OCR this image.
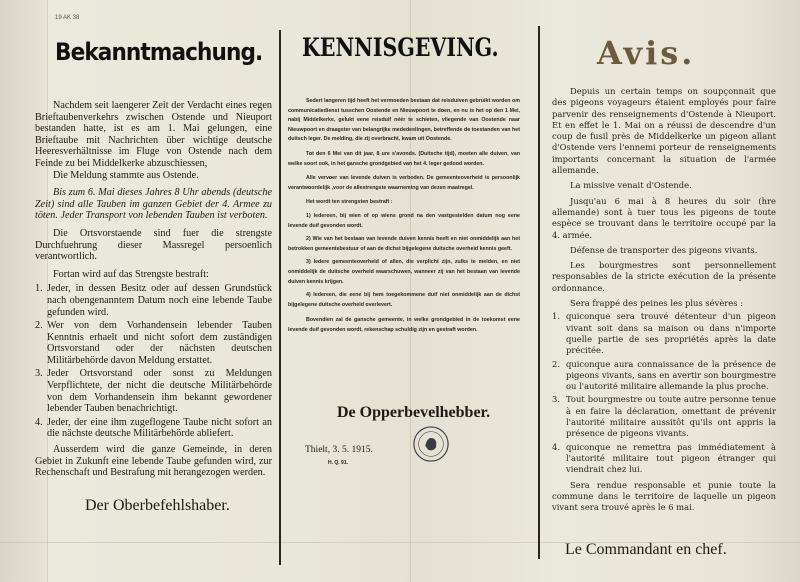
19 AK 38
Bekanntmachung.

Nachdem seit laengerer Zeit der Verdacht eines regen Brieftaubenverkehrs zwischen Ostende und Nieuport bestanden hatte, ist es am 1. Mai gelungen, eine Brieftaube mit Nachrichten über wichtige deutsche Heeresverhältnisse im Fluge von Ostende nach dem Feinde zu bei Middelkerke abzuschiessen,

Die Meldung stammte aus Ostende.

Bis zum 6. Mai dieses Jahres 8 Uhr abends (deutsche Zeit) sind alle Tauben im ganzen Gebiet der 4. Armee zu töten. Jeder Transport von lebenden Tauben ist verboten.

Die Ortsvorstaende sind fuer die strengste Durchfuehrung dieser Massregel persoenlich verantwortlich.

Fortan wird auf das Strengste bestraft:

1. Jeder, in dessen Besitz oder auf dessen Grundstück nach obengenanntem Datum noch eine lebende Taube gefunden wird.
2. Wer von dem Vorhandensein lebender Tauben Kenntnis erhaelt und nicht sofort dem zuständigen Ortsvorstand oder der nächsten deutschen Militärbehörde davon Meldung erstattet.
3. Jeder Ortsvorstand oder sonst zu Meldungen Verpflichtete, der nicht die deutsche Militärbehörde von dem Vorhandensein ihm bekannt gewordener lebender Tauben benachrichtigt.
4. Jeder, der eine ihm zugeflogene Taube nicht sofort an die nächste deutsche Militärbehörde abliefert.

Ausserdem wird die ganze Gemeinde, in deren Gebiet in Zukunft eine lebende Taube gefunden wird, zur Rechenschaft und Bestrafung mit herangezogen werden.

Der Oberbefehlshaber.
KENNISGEVING.

Sedert langeren tijd heeft het vermoeden bestaan dat reisduiven gebruikt worden om communicatiedienst tusschen Oostende en Nieuwpoort te doen, en nu is het op den 1 Mei, nabij Middelkerke, gelukt eene reisduif néér te schieten, vliegende van Oostende naar Nieuwpoort en draagster van belangrijke mededeelingen, betreffende de toestanden van het duitsch leger. De melding, die zij overbracht, kwam uit Oostende.

Tot den 6 Mei van dit jaar, 8 ure s'avonds. (Duitsche tijd), moeten alle duiven, van welke soort ook, in het gansche grondgebied van het 4. leger gedood worden.

Alle vervoer van levende duiven is verboden. De gemeenteoverheid is persoonlijk verantwoordelijk ,voor de allestrengste waarneming van dezen maatregel.

Het wordt ten strengsten bestraft :

1) Iedereen, bij wien of op wiens grond na den vastgestelden datum nog eene levende duif gevonden wordt.

2) Wie van het bestaan van levende duiven kennis heeft en niet onmiddelijk aan het betrokken gemeentebestuur of aan de dichst bijgelegene duitsche overheid kennis geeft.

3) Iedere gemeenteoverheid of allen, die verplicht zijn, zulks te melden, en niet onmiddelijk de duitsche overheid waarschuwen, wanneer zij van het bestaan van levende duiven kennis krijgen.

4) Iedereen, die eene bij hem toegekommene duif niet onmiddelijk aan de dichst bijgelegene duitsche overheid overlevert.

Bovendien zal de gansche gemeente, in welke grondgebied in de toekomst eene levende duif gevonden wordt, rekenschap schuldig zijn en gestraft worden.

De Opperbevelhebber.
Thielt, 3. 5. 1915.
H. Q. 91.
Avis.

Depuis un certain temps on soupçonnait que des pigeons voyageurs étaient employés pour faire parvenir des renseignements d'Ostende à Nieuport. Et en effet le 1. Mai on a réussi de descendre d'un coup de fusil près de Middelkerke un pigeon allant d'Ostende vers l'ennemi porteur de renseignements importants concernant la situation de l'armée allemande.

La missive venait d'Ostende.

Jusqu'au 6 mai à 8 heures du soir (hre allemande) sont à tuer tous les pigeons de toute espèce se trouvant dans le territoire occupé par la 4. armée.

Défense de transporter des pigeons vivants.

Les bourgmestres sont personnellement responsables de la stricte exécution de la présente ordonnance.

Sera frappé des peines les plus sévères :

1. quiconque sera trouvé détenteur d'un pigeon vivant soit dans sa maison ou dans n'importe quelle partie de ses propriétés après la date précitée.
2. quiconque aura connaissance de la présence de pigeons vivants, sans en avertir son bourgmestre ou l'autorité militaire allemande la plus proche.
3. Tout bourgmestre ou toute autre personne tenue à en faire la déclaration, omettant de prévenir l'autorité militaire aussitôt qu'ils ont appris la présence de pigeons vivants.
4. quiconque ne remettra pas immédiatement à l'autorité militaire tout pigeon étranger qui viendrait chez lui.

Sera rendue responsable et punie toute la commune dans le territoire de laquelle un pigeon vivant sera trouvé après le 6 mai.

Le Commandant en chef.
